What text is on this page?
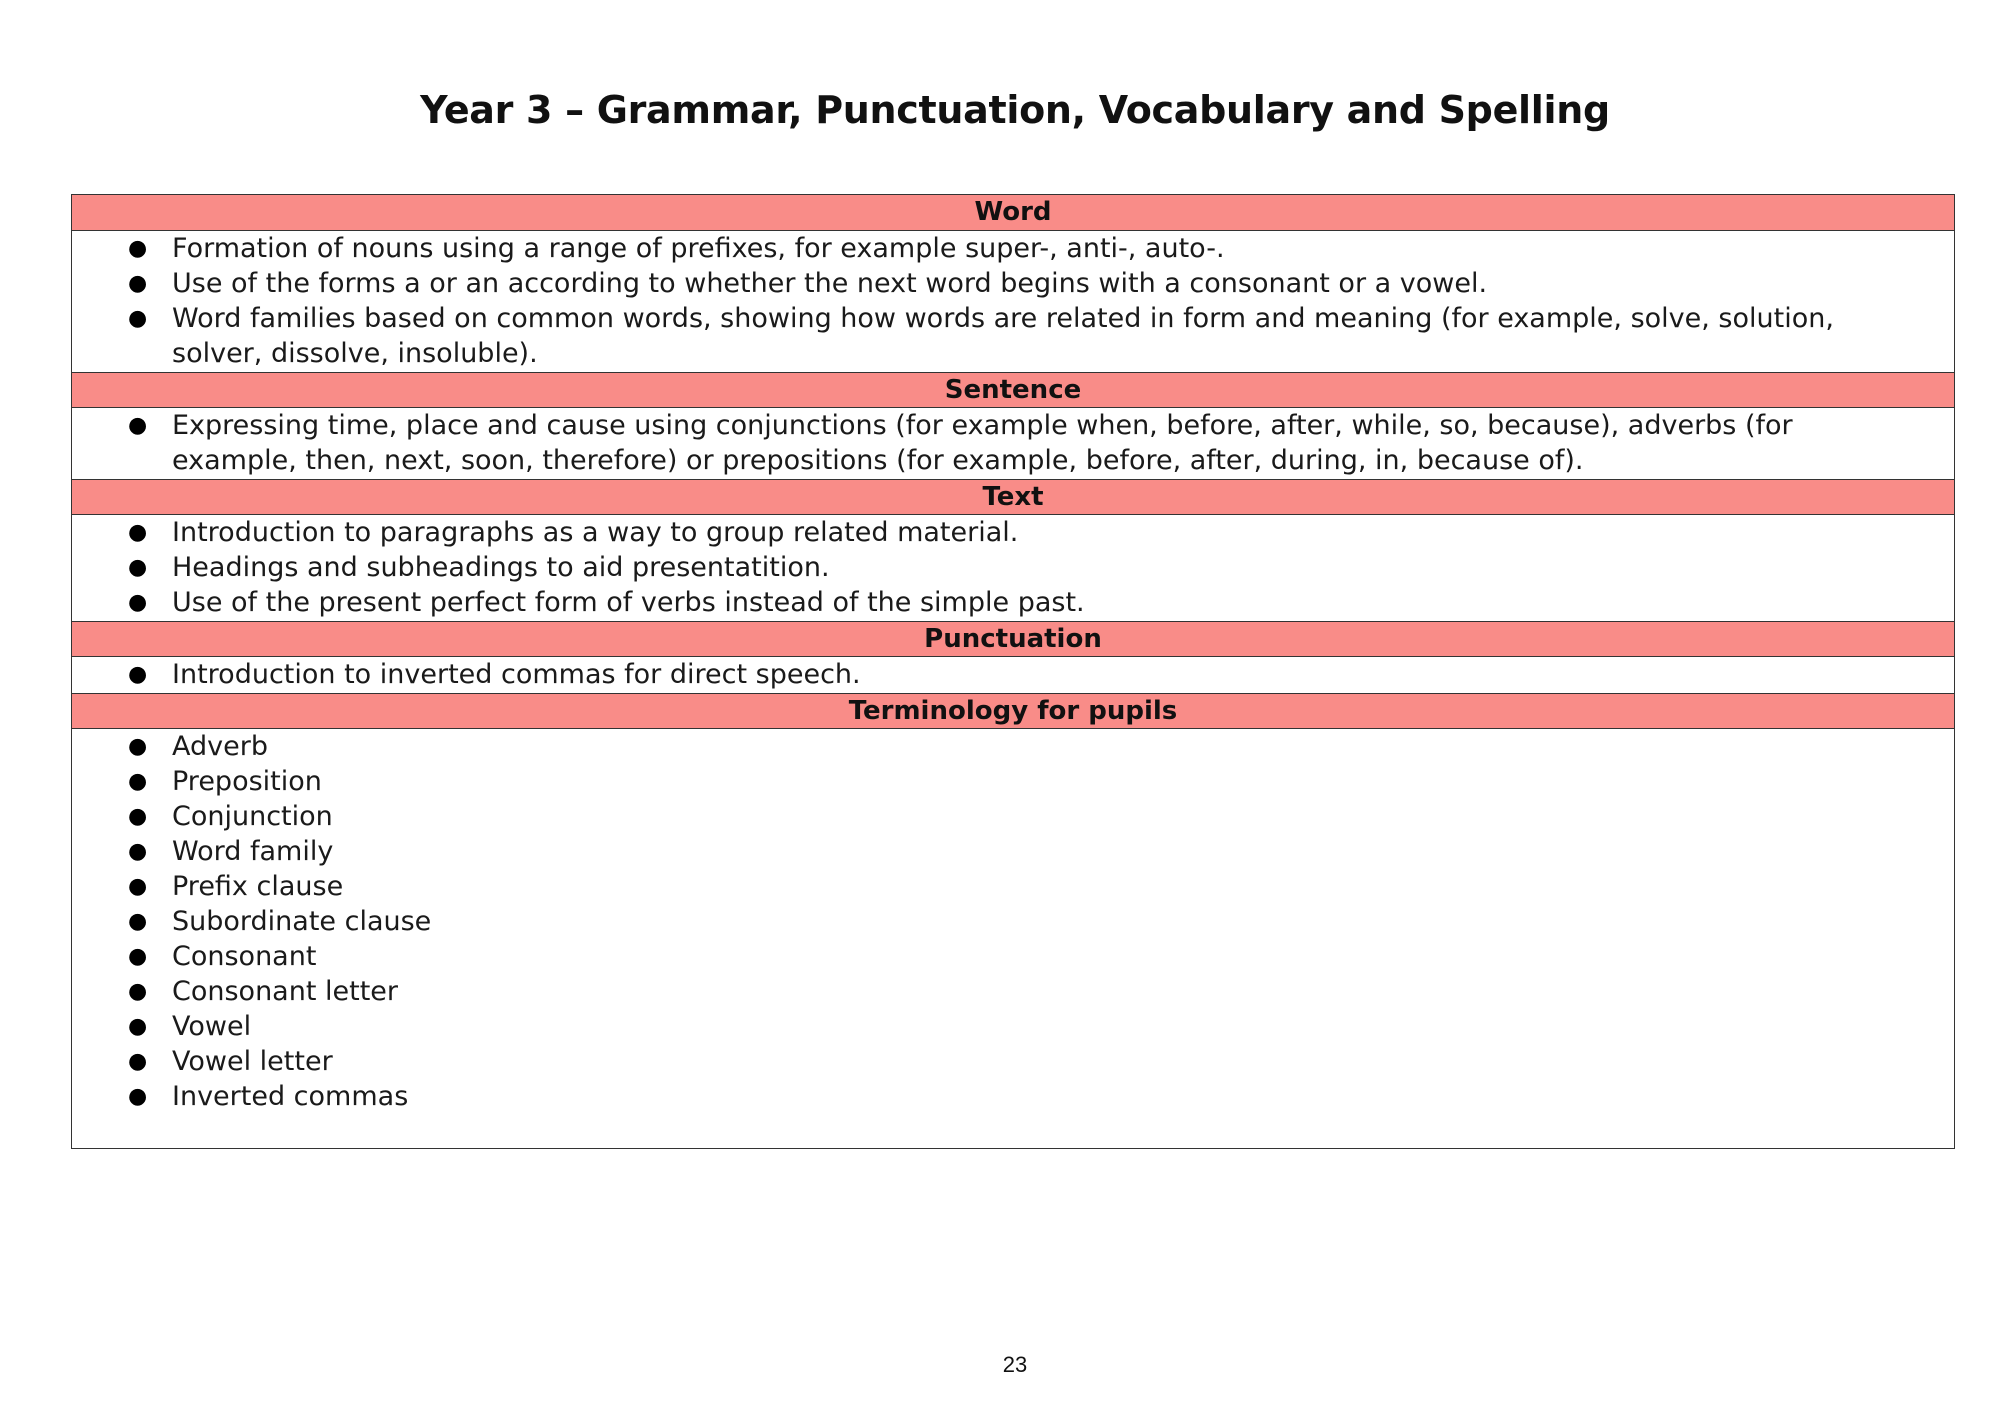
Year 3 – Grammar, Punctuation, Vocabulary and Spelling
Word
● Formation of nouns using a range of prefixes, for example super-, anti-, auto-.
● Use of the forms a or an according to whether the next word begins with a consonant or a vowel.
● Word families based on common words, showing how words are related in form and meaning (for example, solve, solution, solver, dissolve, insoluble).
Sentence
● Expressing time, place and cause using conjunctions (for example when, before, after, while, so, because), adverbs (for example, then, next, soon, therefore) or prepositions (for example, before, after, during, in, because of).
Text
● Introduction to paragraphs as a way to group related material.
● Headings and subheadings to aid presentatition.
● Use of the present perfect form of verbs instead of the simple past.
Punctuation
● Introduction to inverted commas for direct speech.
Terminology for pupils
● Adverb
● Preposition
● Conjunction
● Word family
● Prefix clause
● Subordinate clause
● Consonant
● Consonant letter
● Vowel
● Vowel letter
● Inverted commas
23
